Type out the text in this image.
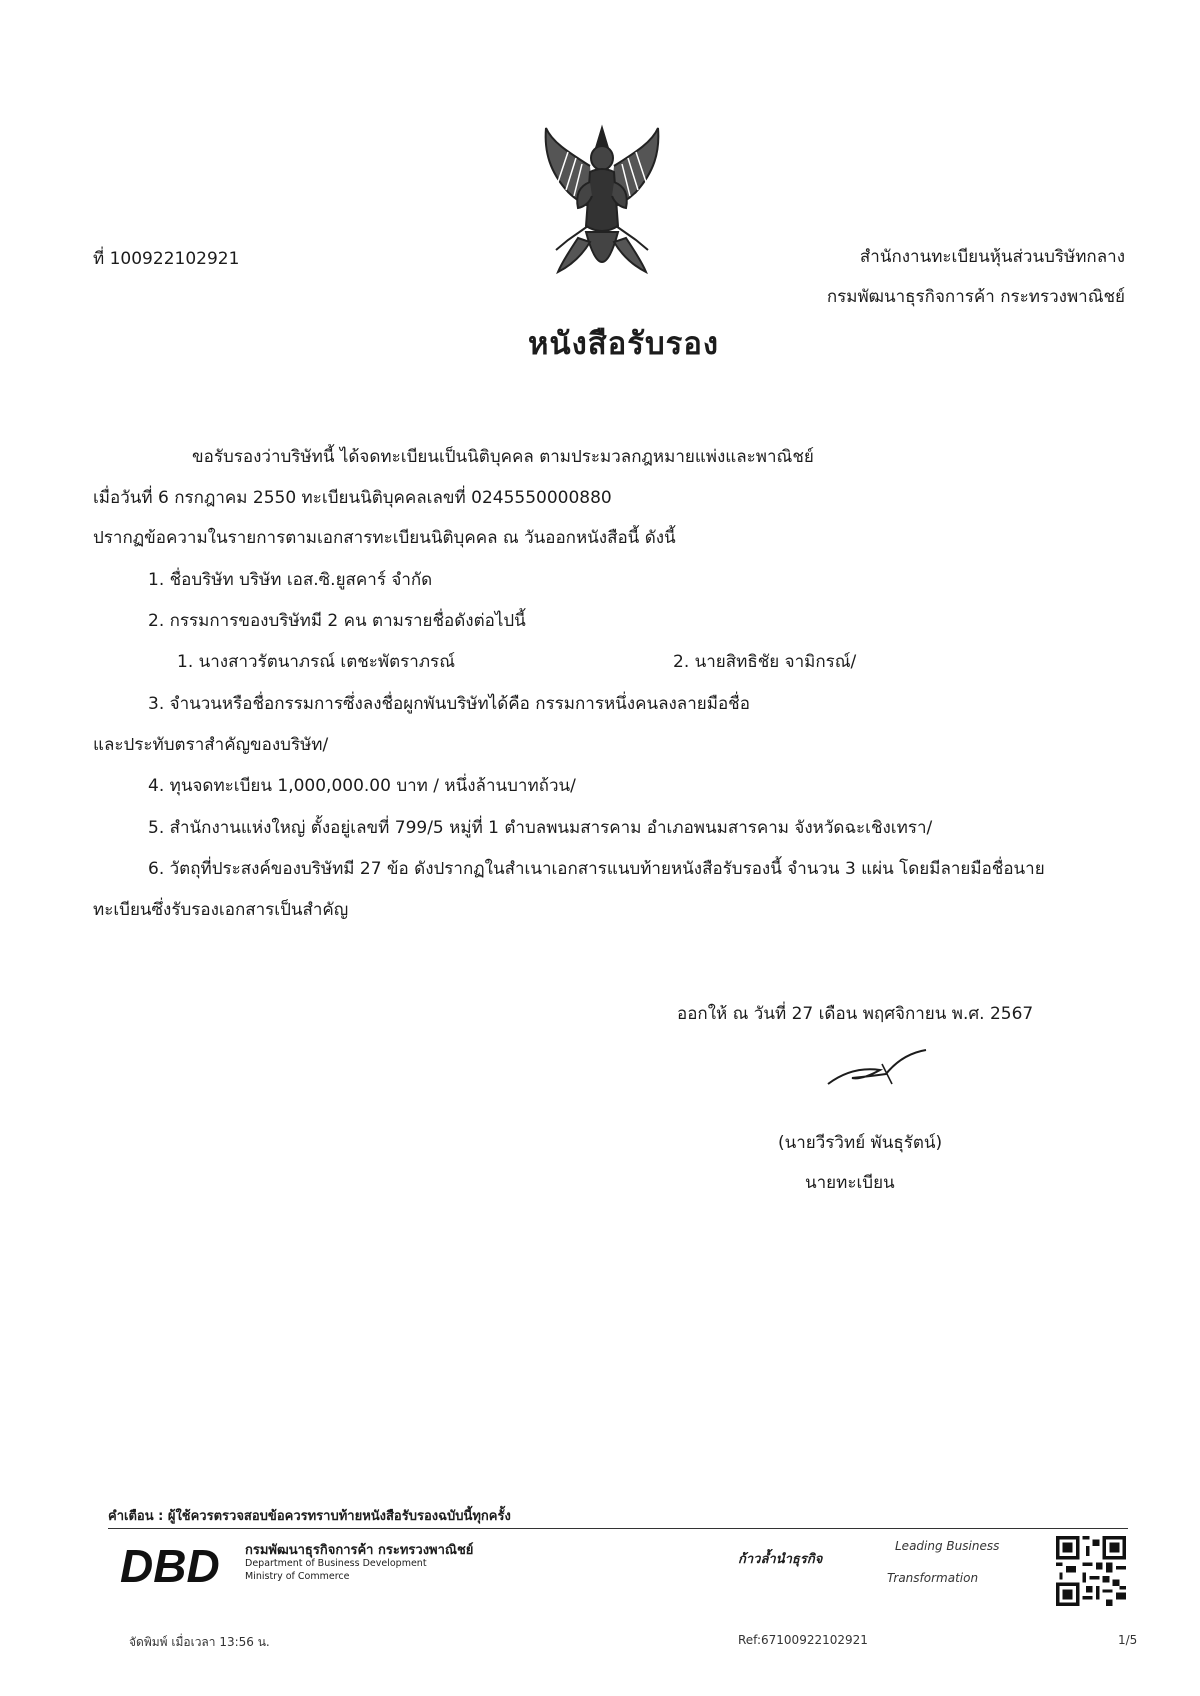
ที่ 100922102921	สำนักงานทะเบียนหุ้นส่วนบริษัทกลาง
กรมพัฒนาธุรกิจการค้า กระทรวงพาณิชย์
หนังสือรับรอง
ขอรับรองว่าบริษัทนี้ ได้จดทะเบียนเป็นนิติบุคคล ตามประมวลกฎหมายแพ่งและพาณิชย์
เมื่อวันที่ 6 กรกฎาคม 2550 ทะเบียนนิติบุคคลเลขที่ 0245550000880
ปรากฏข้อความในรายการตามเอกสารทะเบียนนิติบุคคล ณ วันออกหนังสือนี้ ดังนี้
1. ชื่อบริษัท บริษัท เอส.ซิ.ยูสคาร์ จำกัด
2. กรรมการของบริษัทมี 2 คน ตามรายชื่อดังต่อไปนี้
1. นางสาวรัตนาภรณ์ เตชะพัตราภรณ์	2. นายสิทธิชัย จามิกรณ์/
3. จำนวนหรือชื่อกรรมการซึ่งลงชื่อผูกพันบริษัทได้คือ กรรมการหนึ่งคนลงลายมือชื่อ
และประทับตราสำคัญของบริษัท/
4. ทุนจดทะเบียน 1,000,000.00 บาท / หนึ่งล้านบาทถ้วน/
5. สำนักงานแห่งใหญ่ ตั้งอยู่เลขที่ 799/5 หมู่ที่ 1 ตำบลพนมสารคาม อำเภอพนมสารคาม จังหวัดฉะเชิงเทรา/
6. วัตถุที่ประสงค์ของบริษัทมี 27 ข้อ ดังปรากฏในสำเนาเอกสารแนบท้ายหนังสือรับรองนี้ จำนวน 3 แผ่น โดยมีลายมือชื่อนาย
ทะเบียนซึ่งรับรองเอกสารเป็นสำคัญ
ออกให้ ณ วันที่ 27 เดือน พฤศจิกายน พ.ศ. 2567
(นายวีรวิทย์ พันธุรัตน์)
นายทะเบียน
คำเตือน : ผู้ใช้ควรตรวจสอบข้อควรทราบท้ายหนังสือรับรองฉบับนี้ทุกครั้ง
DBD กรมพัฒนาธุรกิจการค้า กระทรวงพาณิชย์
Department of Business Development
Ministry of Commerce
ก้าวล้ำนำธุรกิจ
Leading Business
Transformation
จัดพิมพ์ เมื่อเวลา 13:56 น.	Ref:67100922102921	1/5
